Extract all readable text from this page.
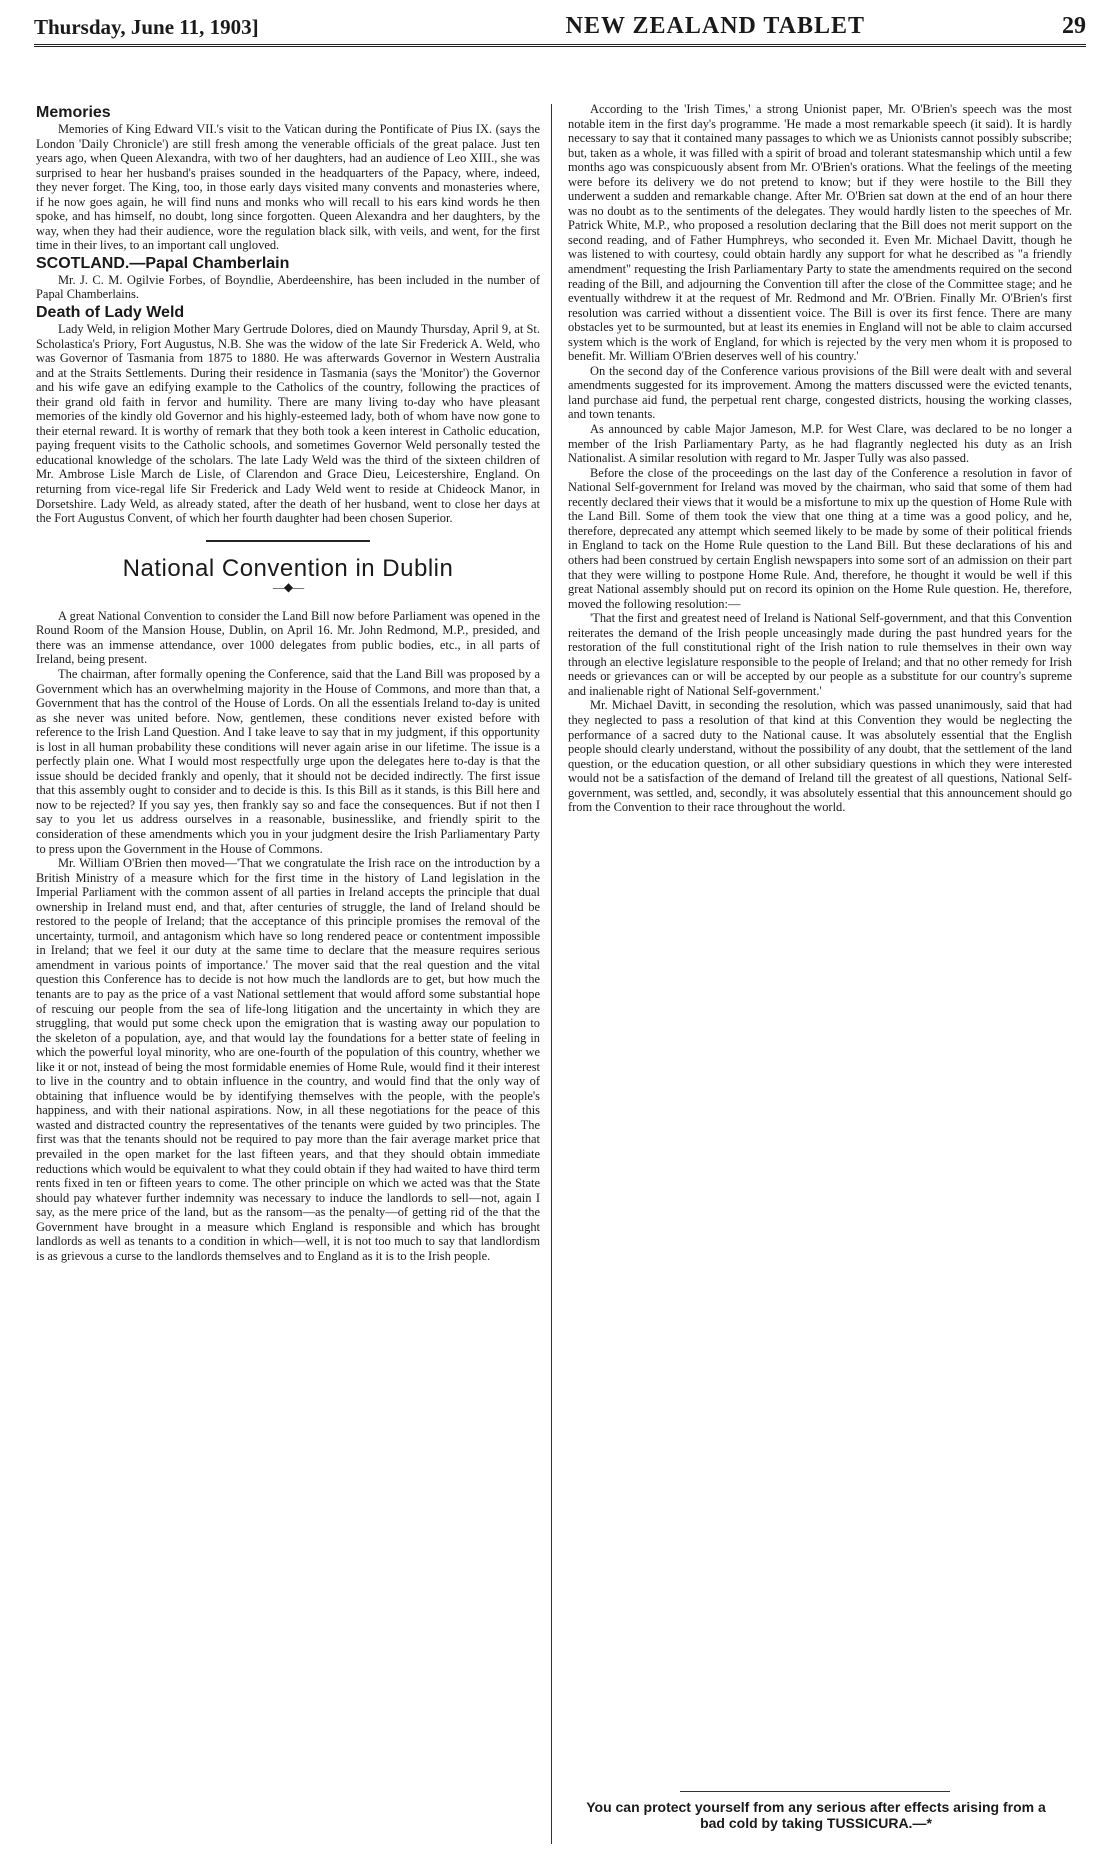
Thursday, June 11, 1903]	NEW ZEALAND TABLET	29
Memories

Memories of King Edward VII.'s visit to the Vatican during the Pontificate of Pius IX. (says the London 'Daily Chronicle') are still fresh among the venerable officials of the great palace. Just ten years ago, when Queen Alexandra, with two of her daughters, had an audience of Leo XIII., she was surprised to hear her husband's praises sounded in the headquarters of the Papacy, where, indeed, they never forget. The King, too, in those early days visited many convents and monasteries where, if he now goes again, he will find nuns and monks who will recall to his ears kind words he then spoke, and has himself, no doubt, long since forgotten. Queen Alexandra and her daughters, by the way, when they had their audience, wore the regulation black silk, with veils, and went, for the first time in their lives, to an important call ungloved.

SCOTLAND.—Papal Chamberlain

Mr. J. C. M. Ogilvie Forbes, of Boyndlie, Aberdeenshire, has been included in the number of Papal Chamberlains.

Death of Lady Weld

Lady Weld, in religion Mother Mary Gertrude Dolores, died on Maundy Thursday, April 9, at St. Scholastica's Priory, Fort Augustus, N.B. She was the widow of the late Sir Frederick A. Weld, who was Governor of Tasmania from 1875 to 1880. He was afterwards Governor in Western Australia and at the Straits Settlements. During their residence in Tasmania (says the 'Monitor') the Governor and his wife gave an edifying example to the Catholics of the country, following the practices of their grand old faith in fervor and humility. There are many living to-day who have pleasant memories of the kindly old Governor and his highly-esteemed lady, both of whom have now gone to their eternal reward. It is worthy of remark that they both took a keen interest in Catholic education, paying frequent visits to the Catholic schools, and sometimes Governor Weld personally tested the educational knowledge of the scholars. The late Lady Weld was the third of the sixteen children of Mr. Ambrose Lisle March de Lisle, of Clarendon and Grace Dieu, Leicestershire, England. On returning from vice-regal life Sir Frederick and Lady Weld went to reside at Chideock Manor, in Dorsetshire. Lady Weld, as already stated, after the death of her husband, went to close her days at the Fort Augustus Convent, of which her fourth daughter had been chosen Superior.

National Convention in Dublin
—◆—

A great National Convention to consider the Land Bill now before Parliament was opened in the Round Room of the Mansion House, Dublin, on April 16. Mr. John Redmond, M.P., presided, and there was an immense attendance, over 1000 delegates from public bodies, etc., in all parts of Ireland, being present.

The chairman, after formally opening the Conference, said that the Land Bill was proposed by a Government which has an overwhelming majority in the House of Commons, and more than that, a Government that has the control of the House of Lords. On all the essentials Ireland to-day is united as she never was united before. Now, gentlemen, these conditions never existed before with reference to the Irish Land Question. And I take leave to say that in my judgment, if this opportunity is lost in all human probability these conditions will never again arise in our lifetime. The issue is a perfectly plain one. What I would most respectfully urge upon the delegates here to-day is that the issue should be decided frankly and openly, that it should not be decided indirectly. The first issue that this assembly ought to consider and to decide is this. Is this Bill as it stands, is this Bill here and now to be rejected? If you say yes, then frankly say so and face the consequences. But if not then I say to you let us address ourselves in a reasonable, businesslike, and friendly spirit to the consideration of these amendments which you in your judgment desire the Irish Parliamentary Party to press upon the Government in the House of Commons.

Mr. William O'Brien then moved—'That we congratulate the Irish race on the introduction by a British Ministry of a measure which for the first time in the history of Land legislation in the Imperial Parliament with the common assent of all parties in Ireland accepts the principle that dual ownership in Ireland must end, and that, after centuries of struggle, the land of Ireland should be restored to the people of Ireland; that the acceptance of this principle promises the removal of the uncertainty, turmoil, and antagonism which have so long rendered peace or contentment impossible in Ireland; that we feel it our duty at the same time to declare that the measure requires serious amendment in various points of importance.' The mover said that the real question and the vital question this Conference has to decide is not how much the landlords are to get, but how much the tenants are to pay as the price of a vast National settlement that would afford some substantial hope of rescuing our people from the sea of life-long litigation and the uncertainty in which they are struggling, that would put some check upon the emigration that is wasting away our population to the skeleton of a population, aye, and that would lay the foundations for a better state of feeling in which the powerful loyal minority, who are one-fourth of the population of this country, whether we like it or not, instead of being the most formidable enemies of Home Rule, would find it their interest to live in the country and to obtain influence in the country, and would find that the only way of obtaining that influence would be by identifying themselves with the people, with the people's happiness, and with their national aspirations. Now, in all these negotiations for the peace of this wasted and distracted country the representatives of the tenants were guided by two principles. The first was that the tenants should not be required to pay more than the fair average market price that prevailed in the open market for the last fifteen years, and that they should obtain immediate reductions which would be equivalent to what they could obtain if they had waited to have third term rents fixed in ten or fifteen years to come. The other principle on which we acted was that the State should pay whatever further indemnity was necessary to induce the landlords to sell—not, again I say, as the mere price of the land, but as the ransom—as the penalty—of getting rid of the that the Government have brought in a measure which England is responsible and which has brought landlords as well as tenants to a condition in which—well, it is not too much to say that landlordism is as grievous a curse to the landlords themselves and to England as it is to the Irish people.

According to the 'Irish Times,' a strong Unionist paper, Mr. O'Brien's speech was the most notable item in the first day's programme. 'He made a most remarkable speech (it said). It is hardly necessary to say that it contained many passages to which we as Unionists cannot possibly subscribe; but, taken as a whole, it was filled with a spirit of broad and tolerant statesmanship which until a few months ago was conspicuously absent from Mr. O'Brien's orations. What the feelings of the meeting were before its delivery we do not pretend to know; but if they were hostile to the Bill they underwent a sudden and remarkable change. After Mr. O'Brien sat down at the end of an hour there was no doubt as to the sentiments of the delegates. They would hardly listen to the speeches of Mr. Patrick White, M.P., who proposed a resolution declaring that the Bill does not merit support on the second reading, and of Father Humphreys, who seconded it. Even Mr. Michael Davitt, though he was listened to with courtesy, could obtain hardly any support for what he described as "a friendly amendment" requesting the Irish Parliamentary Party to state the amendments required on the second reading of the Bill, and adjourning the Convention till after the close of the Committee stage; and he eventually withdrew it at the request of Mr. Redmond and Mr. O'Brien. Finally Mr. O'Brien's first resolution was carried without a dissentient voice. The Bill is over its first fence. There are many obstacles yet to be surmounted, but at least its enemies in England will not be able to claim accursed system which is the work of England, for which is rejected by the very men whom it is proposed to benefit. Mr. William O'Brien deserves well of his country.'

On the second day of the Conference various provisions of the Bill were dealt with and several amendments suggested for its improvement. Among the matters discussed were the evicted tenants, land purchase aid fund, the perpetual rent charge, congested districts, housing the working classes, and town tenants.

As announced by cable Major Jameson, M.P. for West Clare, was declared to be no longer a member of the Irish Parliamentary Party, as he had flagrantly neglected his duty as an Irish Nationalist. A similar resolution with regard to Mr. Jasper Tully was also passed.

Before the close of the proceedings on the last day of the Conference a resolution in favor of National Self-government for Ireland was moved by the chairman, who said that some of them had recently declared their views that it would be a misfortune to mix up the question of Home Rule with the Land Bill. Some of them took the view that one thing at a time was a good policy, and he, therefore, deprecated any attempt which seemed likely to be made by some of their political friends in England to tack on the Home Rule question to the Land Bill. But these declarations of his and others had been construed by certain English newspapers into some sort of an admission on their part that they were willing to postpone Home Rule. And, therefore, he thought it would be well if this great National assembly should put on record its opinion on the Home Rule question. He, therefore, moved the following resolution:—

'That the first and greatest need of Ireland is National Self-government, and that this Convention reiterates the demand of the Irish people unceasingly made during the past hundred years for the restoration of the full constitutional right of the Irish nation to rule themselves in their own way through an elective legislature responsible to the people of Ireland; and that no other remedy for Irish needs or grievances can or will be accepted by our people as a substitute for our country's supreme and inalienable right of National Self-government.'

Mr. Michael Davitt, in seconding the resolution, which was passed unanimously, said that had they neglected to pass a resolution of that kind at this Convention they would be neglecting the performance of a sacred duty to the National cause. It was absolutely essential that the English people should clearly understand, without the possibility of any doubt, that the settlement of the land question, or the education question, or all other subsidiary questions in which they were interested would not be a satisfaction of the demand of Ireland till the greatest of all questions, National Self-government, was settled, and, secondly, it was absolutely essential that this announcement should go from the Convention to their race throughout the world.

You can protect yourself from any serious after effects arising from a bad cold by taking TUSSICURA.—*
